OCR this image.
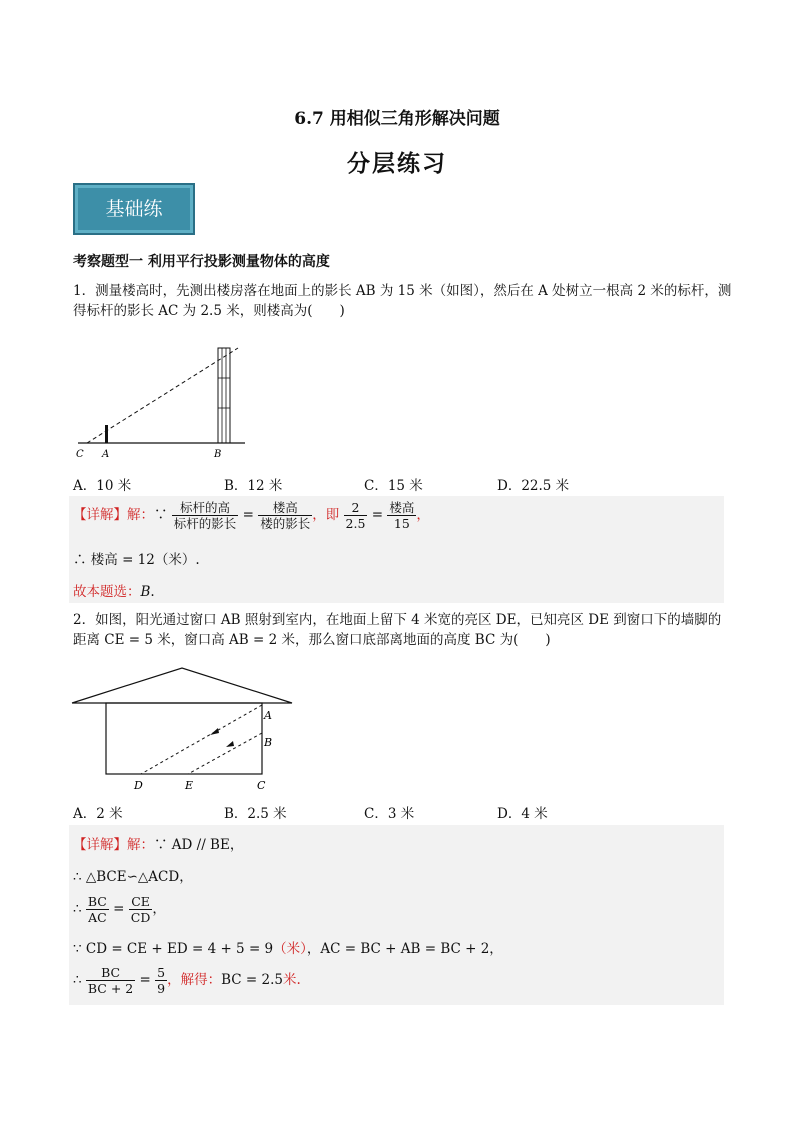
6.7 用相似三角形解决问题
分层练习
基础练
考察题型一 利用平行投影测量物体的高度
1．测量楼高时，先测出楼房落在地面上的影长 AB 为 15 米（如图），然后在 A 处树立一根高 2 米的标杆，测得标杆的影长 AC 为 2.5 米，则楼高为(　　)
C A	B
A．10 米	B．12 米	C．15 米	D．22.5 米
【详解】解：∵ $\frac{\text{标杆的高}}{\text{标杆的影长}} = \frac{\text{楼高}}{\text{楼的影长}}$ ，即 $\frac{2}{2.5} = \frac{\text{楼高}}{15}$ ，
∴ 楼高 = 12（米）.
故本题选：B.
2．如图，阳光通过窗口 AB 照射到室内，在地面上留下 4 米宽的亮区 DE，已知亮区 DE 到窗口下的墙脚的距离 CE = 5 米，窗口高 AB = 2 米，那么窗口底部离地面的高度 BC 为(　　)
A
B
D	E	C
A．2 米	B．2.5 米	C．3 米	D．4 米
【详解】解：∵ AD // BE，
∴ △BCE∽△ACD，
∴ $\frac{BC}{AC} = \frac{CE}{CD}$ ，
∵ CD = CE + ED = 4 + 5 = 9（米），AC = BC + AB = BC + 2，
∴ $\frac{BC}{BC + 2} = \frac{5}{9}$ ，解得：BC = 2.5米.
